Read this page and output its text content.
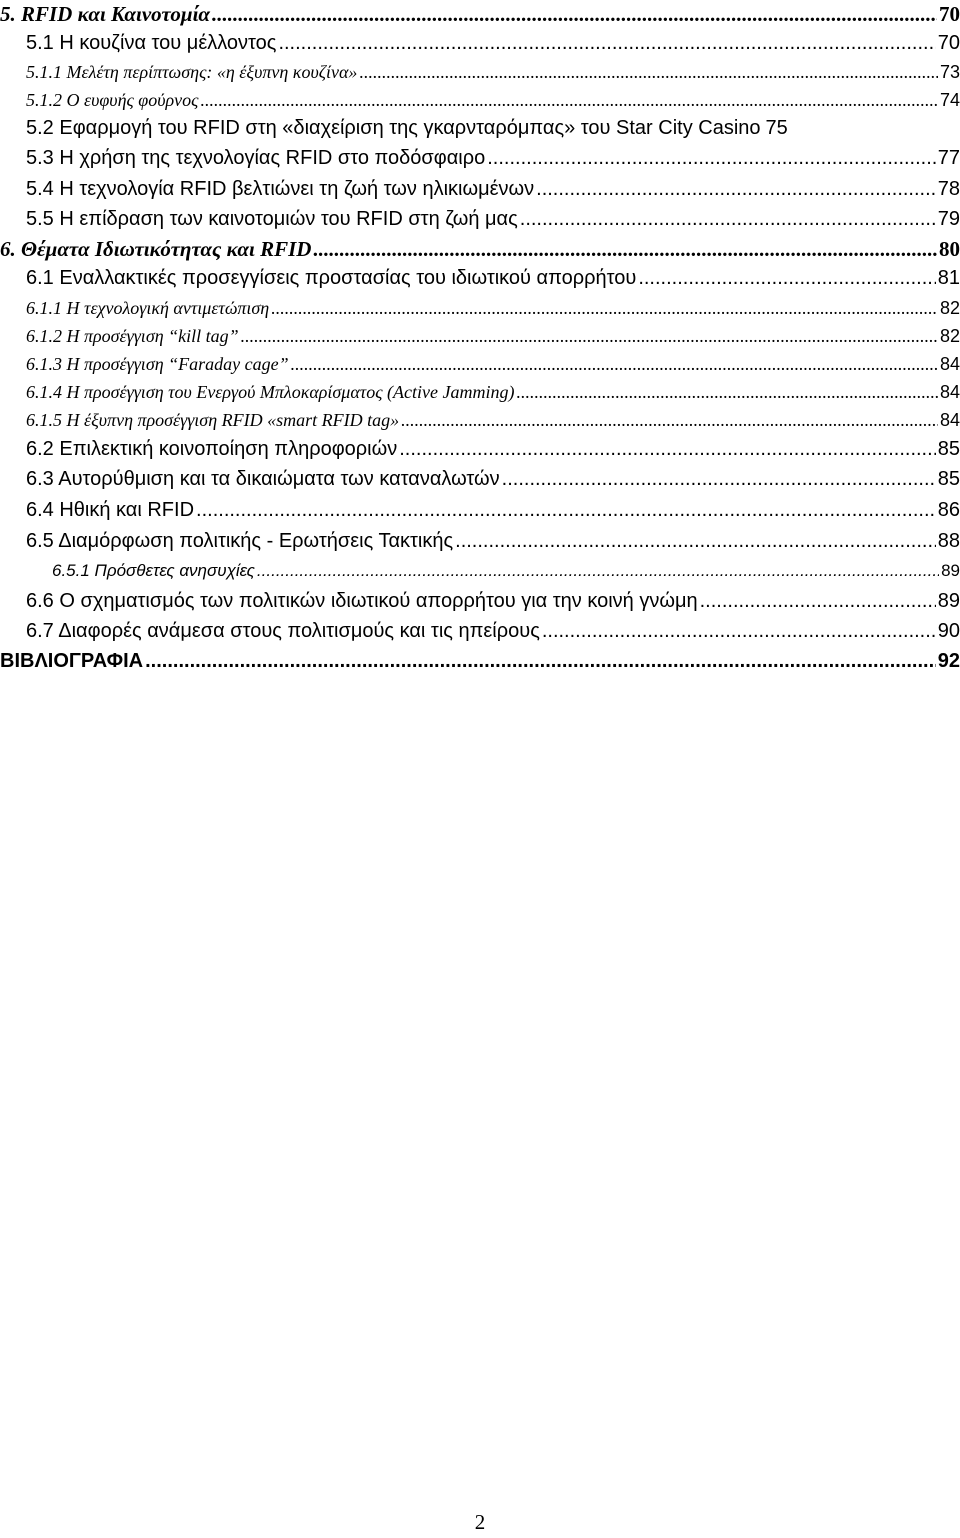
5. RFID και Καινοτομία .....	70
5.1 Η κουζίνα του μέλλοντος .....	70
5.1.1 Μελέτη περίπτωσης: «η έξυπνη κουζίνα» .....	73
5.1.2 Ο ευφυής φούρνος .....	74
5.2 Εφαρμογή του RFID στη «διαχείριση της γκαρνταρόμπας» του Star City Casino 75
5.3 Η χρήση της τεχνολογίας RFID στο ποδόσφαιρο .....	77
5.4 Η τεχνολογία RFID βελτιώνει τη ζωή των ηλικιωμένων .....	78
5.5 Η επίδραση των καινοτομιών του RFID στη ζωή μας .....	79
6. Θέματα Ιδιωτικότητας και RFID .....	80
6.1 Εναλλακτικές προσεγγίσεις προστασίας του ιδιωτικού απορρήτου .....	81
6.1.1 Η τεχνολογική αντιμετώπιση .....	82
6.1.2 Η προσέγγιση “kill tag” .....	82
6.1.3 Η προσέγγιση “Faraday cage” .....	84
6.1.4 Η προσέγγιση του Ενεργού Μπλοκαρίσματος (Active Jamming) .....	84
6.1.5 Η έξυπνη προσέγγιση RFID «smart RFID tag» .....	84
6.2 Επιλεκτική κοινοποίηση πληροφοριών .....	85
6.3 Αυτορύθμιση και τα δικαιώματα των καταναλωτών .....	85
6.4 Ηθική και RFID .....	86
6.5 Διαμόρφωση πολιτικής - Ερωτήσεις Τακτικής .....	88
6.5.1 Πρόσθετες ανησυχίες .....	89
6.6 Ο σχηματισμός των πολιτικών ιδιωτικού απορρήτου για την κοινή γνώμη .....	89
6.7 Διαφορές ανάμεσα στους πολιτισμούς και τις ηπείρους .....	90
ΒΙΒΛΙΟΓΡΑΦΙΑ .....	92
2
